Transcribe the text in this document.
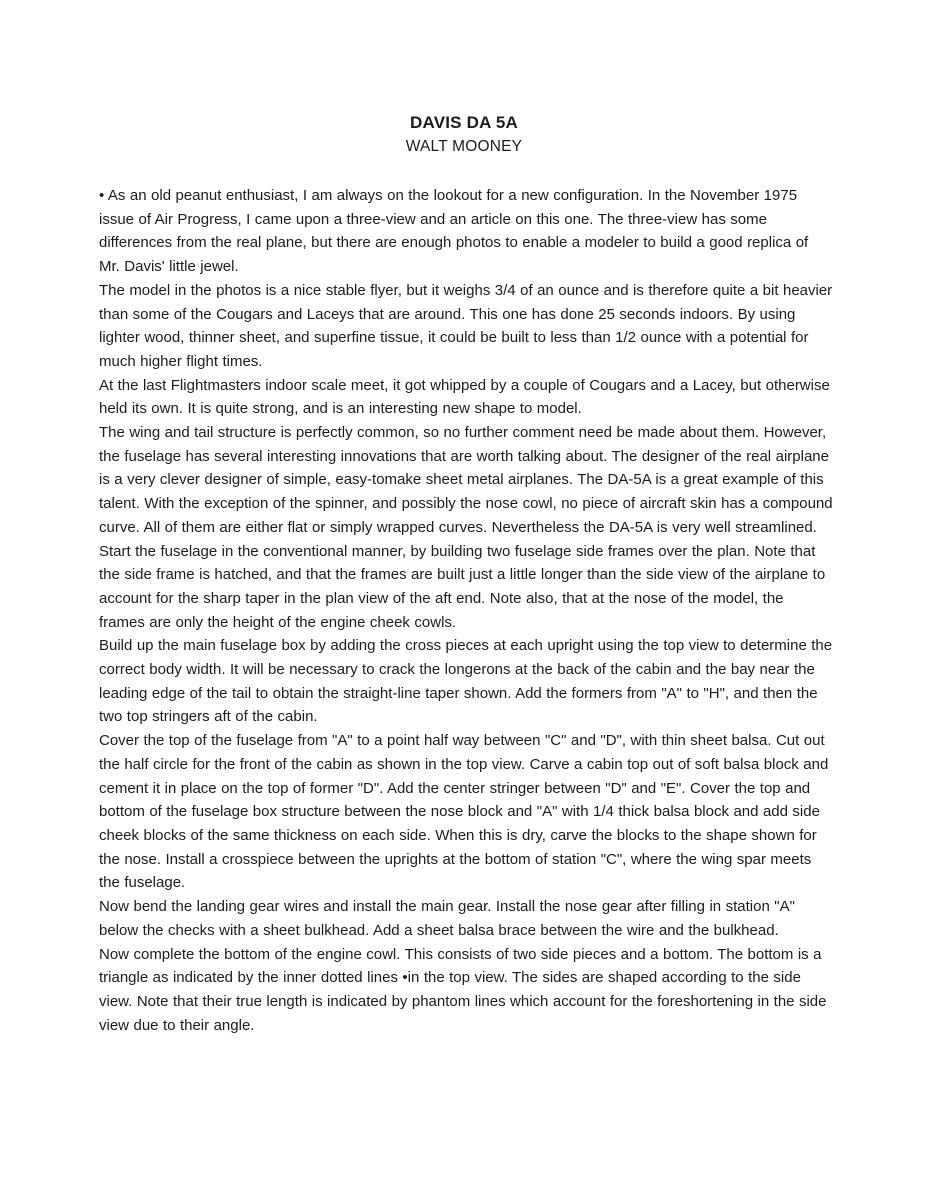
DAVIS DA 5A
WALT MOONEY

• As an old peanut enthusiast, I am always on the lookout for a new configuration. In the November 1975 issue of Air Progress, I came upon a three-view and an article on this one. The three-view has some differences from the real plane, but there are enough photos to enable a modeler to build a good replica of Mr. Davis' little jewel.

The model in the photos is a nice stable flyer, but it weighs 3/4 of an ounce and is therefore quite a bit heavier than some of the Cougars and Laceys that are around. This one has done 25 seconds indoors. By using lighter wood, thinner sheet, and superfine tissue, it could be built to less than 1/2 ounce with a potential for much higher flight times.

At the last Flightmasters indoor scale meet, it got whipped by a couple of Cougars and a Lacey, but otherwise held its own. It is quite strong, and is an interesting new shape to model.

The wing and tail structure is perfectly common, so no further comment need be made about them. However, the fuselage has several interesting innovations that are worth talking about. The designer of the real airplane is a very clever designer of simple, easy-tomake sheet metal airplanes. The DA-5A is a great example of this talent. With the exception of the spinner, and possibly the nose cowl, no piece of aircraft skin has a compound curve. All of them are either flat or simply wrapped curves. Nevertheless the DA-5A is very well streamlined.

Start the fuselage in the conventional manner, by building two fuselage side frames over the plan. Note that the side frame is hatched, and that the frames are built just a little longer than the side view of the airplane to account for the sharp taper in the plan view of the aft end. Note also, that at the nose of the model, the frames are only the height of the engine cheek cowls.

Build up the main fuselage box by adding the cross pieces at each upright using the top view to determine the correct body width. It will be necessary to crack the longerons at the back of the cabin and the bay near the leading edge of the tail to obtain the straight-line taper shown. Add the formers from "A" to "H", and then the two top stringers aft of the cabin.

Cover the top of the fuselage from "A" to a point half way between "C" and "D", with thin sheet balsa. Cut out the half circle for the front of the cabin as shown in the top view. Carve a cabin top out of soft balsa block and cement it in place on the top of former "D". Add the center stringer between "D" and "E". Cover the top and bottom of the fuselage box structure between the nose block and "A" with 1/4 thick balsa block and add side cheek blocks of the same thickness on each side. When this is dry, carve the blocks to the shape shown for the nose. Install a crosspiece between the uprights at the bottom of station "C", where the wing spar meets the fuselage.

Now bend the landing gear wires and install the main gear. Install the nose gear after filling in station "A" below the checks with a sheet bulkhead. Add a sheet balsa brace between the wire and the bulkhead.

Now complete the bottom of the engine cowl. This consists of two side pieces and a bottom. The bottom is a triangle as indicated by the inner dotted lines •in the top view. The sides are shaped according to the side view. Note that their true length is indicated by phantom lines which account for the foreshortening in the side view due to their angle.
